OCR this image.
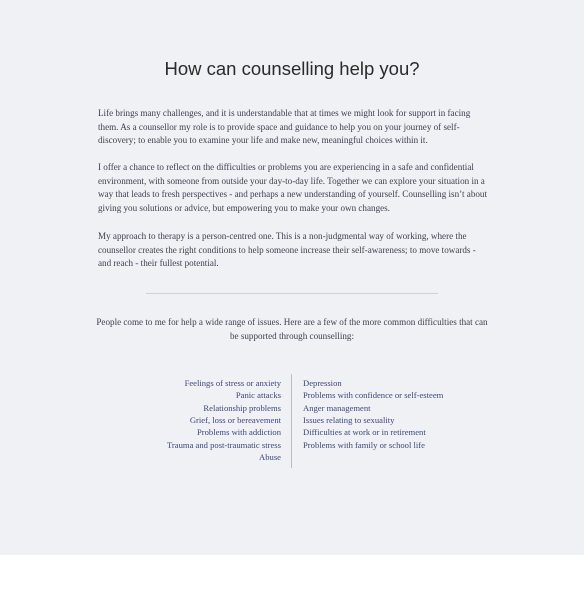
How can counselling help you?

Life brings many challenges, and it is understandable that at times we might look for support in facing them. As a counsellor my role is to provide space and guidance to help you on your journey of self-discovery; to enable you to examine your life and make new, meaningful choices within it.

I offer a chance to reflect on the difficulties or problems you are experiencing in a safe and confidential environment, with someone from outside your day-to-day life. Together we can explore your situation in a way that leads to fresh perspectives - and perhaps a new understanding of yourself. Counselling isn’t about giving you solutions or advice, but empowering you to make your own changes.

My approach to therapy is a person-centred one. This is a non-judgmental way of working, where the counsellor creates the right conditions to help someone increase their self-awareness; to move towards - and reach - their fullest potential.

People come to me for help a wide range of issues. Here are a few of the more common difficulties that can be supported through counselling:

Feelings of stress or anxiety
Panic attacks
Relationship problems
Grief, loss or bereavement
Problems with addiction
Trauma and post-traumatic stress
Abuse
Depression
Problems with confidence or self-esteem
Anger management
Issues relating to sexuality
Difficulties at work or in retirement
Problems with family or school life
